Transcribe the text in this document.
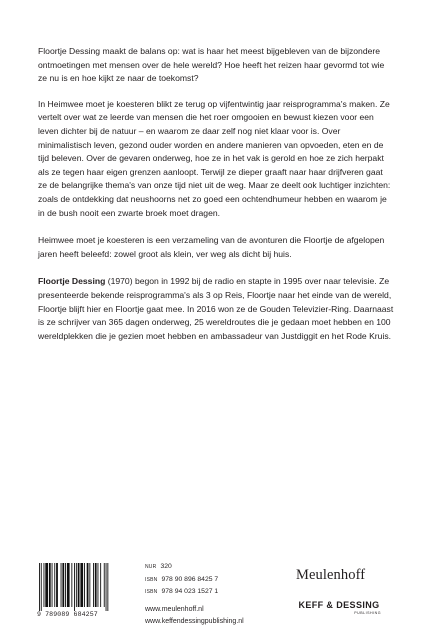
Floortje Dessing maakt de balans op: wat is haar het meest bijgebleven van de bijzondere ontmoetingen met mensen over de hele wereld? Hoe heeft het reizen haar gevormd tot wie ze nu is en hoe kijkt ze naar de toekomst?

In Heimwee moet je koesteren blikt ze terug op vijfentwintig jaar reisprogramma's maken. Ze vertelt over wat ze leerde van mensen die het roer omgooien en bewust kiezen voor een leven dichter bij de natuur – en waarom ze daar zelf nog niet klaar voor is. Over minimalistisch leven, gezond ouder worden en andere manieren van opvoeden, eten en de tijd beleven. Over de gevaren onderweg, hoe ze in het vak is gerold en hoe ze zich herpakt als ze tegen haar eigen grenzen aanloopt. Terwijl ze dieper graaft naar haar drijfveren gaat ze de belangrijke thema's van onze tijd niet uit de weg. Maar ze deelt ook luchtiger inzichten: zoals de ontdekking dat neushoorns net zo goed een ochtendhumeur hebben en waarom je in de bush nooit een zwarte broek moet dragen.

Heimwee moet je koesteren is een verzameling van de avonturen die Floortje de afgelopen jaren heeft beleefd: zowel groot als klein, ver weg als dicht bij huis.

Floortje Dessing (1970) begon in 1992 bij de radio en stapte in 1995 over naar televisie. Ze presenteerde bekende reisprogramma's als 3 op Reis, Floortje naar het einde van de wereld, Floortje blijft hier en Floortje gaat mee. In 2016 won ze de Gouden Televizier-Ring. Daarnaast is ze schrijver van 365 dagen onderweg, 25 wereldroutes die je gedaan moet hebben en 100 wereldplekken die je gezien moet hebben en ambassadeur van Justdiggit en het Rode Kruis.

9 789089 684257
NUR 320
ISBN 978 90 896 8425 7
ISBN 978 94 023 1527 1
www.meulenhoff.nl
www.keffendessingpublishing.nl
Meulenhoff
KEFF & DESSING
PUBLISHING
